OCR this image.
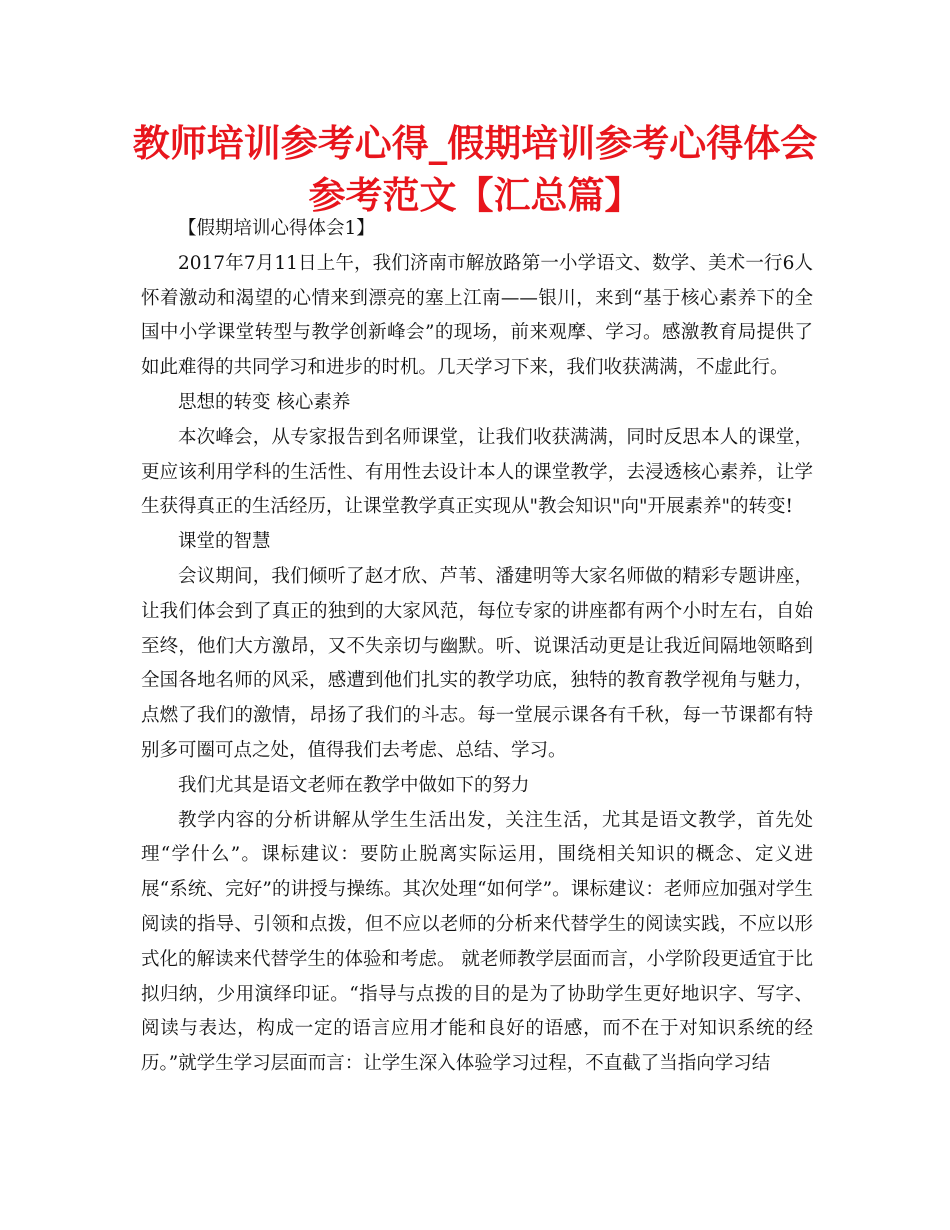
教师培训参考心得_假期培训参考心得体会参考范文【汇总篇】

【假期培训心得体会1】

2017年7月11日上午，我们济南市解放路第一小学语文、数学、美术一行6人怀着激动和渴望的心情来到漂亮的塞上江南——银川，来到“基于核心素养下的全国中小学课堂转型与教学创新峰会”的现场，前来观摩、学习。感激教育局提供了如此难得的共同学习和进步的时机。几天学习下来，我们收获满满，不虚此行。

思想的转变 核心素养

本次峰会，从专家报告到名师课堂，让我们收获满满，同时反思本人的课堂，更应该利用学科的生活性、有用性去设计本人的课堂教学，去浸透核心素养，让学生获得真正的生活经历，让课堂教学真正实现从"教会知识"向"开展素养"的转变!

课堂的智慧

会议期间，我们倾听了赵才欣、芦苇、潘建明等大家名师做的精彩专题讲座，让我们体会到了真正的独到的大家风范，每位专家的讲座都有两个小时左右，自始至终，他们大方激昂，又不失亲切与幽默。听、说课活动更是让我近间隔地领略到全国各地名师的风采，感遭到他们扎实的教学功底，独特的教育教学视角与魅力，点燃了我们的激情，昂扬了我们的斗志。每一堂展示课各有千秋，每一节课都有特别多可圈可点之处，值得我们去考虑、总结、学习。

我们尤其是语文老师在教学中做如下的努力

教学内容的分析讲解从学生生活出发，关注生活，尤其是语文教学，首先处理“学什么”。课标建议：要防止脱离实际运用，围绕相关知识的概念、定义进展“系统、完好”的讲授与操练。其次处理“如何学”。课标建议：老师应加强对学生阅读的指导、引领和点拨，但不应以老师的分析来代替学生的阅读实践，不应以形式化的解读来代替学生的体验和考虑。 就老师教学层面而言，小学阶段更适宜于比拟归纳，少用演绎印证。“指导与点拨的目的是为了协助学生更好地识字、写字、阅读与表达，构成一定的语言应用才能和良好的语感，而不在于对知识系统的经历。”就学生学习层面而言：让学生深入体验学习过程，不直截了当指向学习结
